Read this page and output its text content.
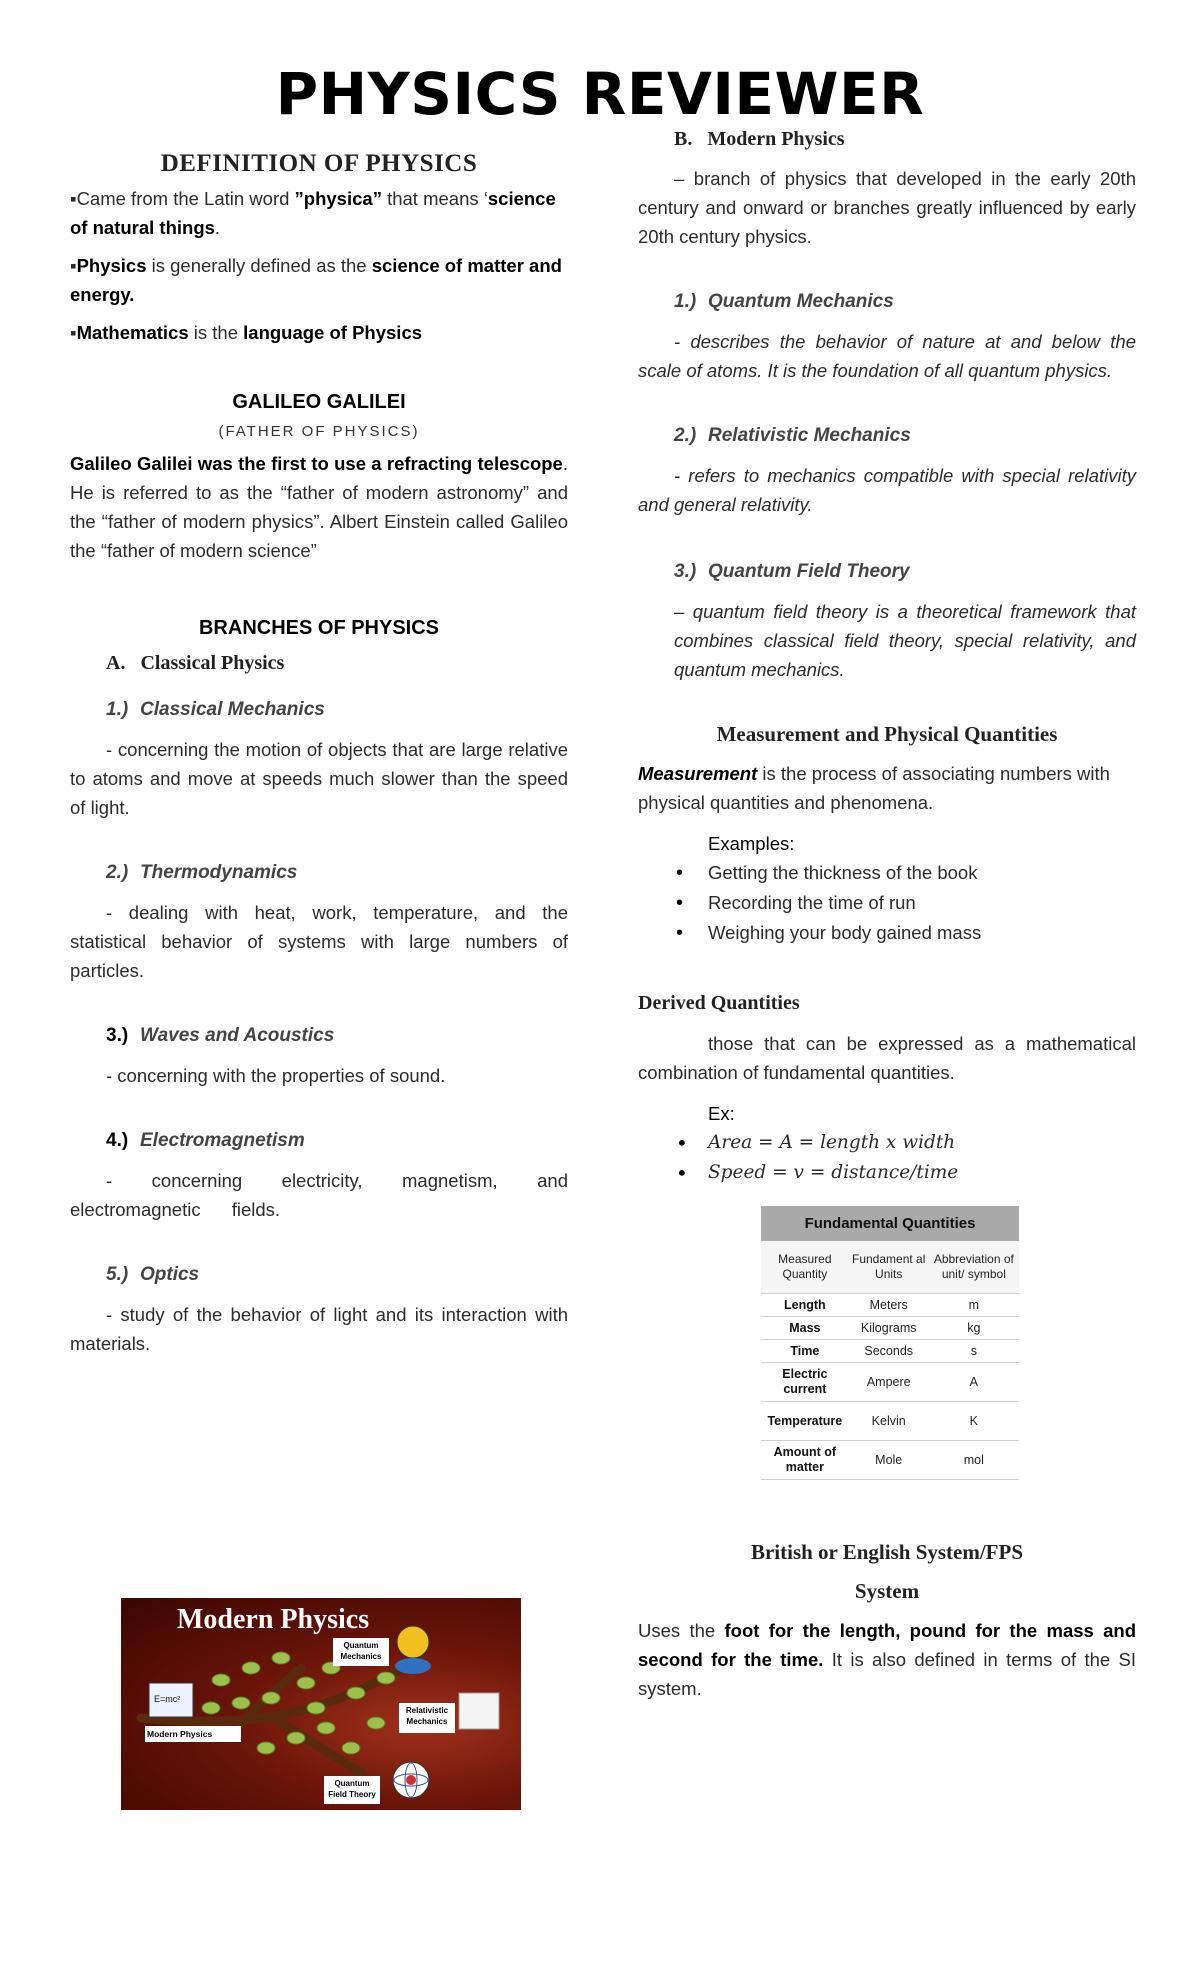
PHYSICS REVIEWER
DEFINITION OF PHYSICS

▪Came from the Latin word ”physica” that means ‘science of natural things.

▪Physics is generally defined as the science of matter and energy.

▪Mathematics is the language of Physics

GALILEO GALILEI
(FATHER OF PHYSICS)

Galileo Galilei was the first to use a refracting telescope. He is referred to as the “father of modern astronomy” and the “father of modern physics”. Albert Einstein called Galileo the “father of modern science”

BRANCHES OF PHYSICS
A.   Classical Physics
1.) Classical Mechanics

- concerning the motion of objects that are large relative to atoms and move at speeds much slower than the speed of light.

2.) Thermodynamics

- dealing with heat, work, temperature, and the statistical behavior of systems with large numbers of particles.

3.) Waves and Acoustics

- concerning with the properties of sound.

4.) Electromagnetism

- concerning electricity, magnetism, and electromagnetic fields.

5.) Optics

- study of the behavior of light and its interaction with materials.

Modern Physics
E=mc²
Modern Physics
Quantum Mechanics
Relativistic Mechanics
Quantum Field Theory
B.   Modern Physics

– branch of physics that developed in the early 20th century and onward or branches greatly influenced by early 20th century physics.

1.) Quantum Mechanics

- describes the behavior of nature at and below the scale of atoms. It is the foundation of all quantum physics.

2.) Relativistic Mechanics

- refers to mechanics compatible with special relativity and general relativity.

3.) Quantum Field Theory

– quantum field theory is a theoretical framework that combines classical field theory, special relativity, and quantum mechanics.

Measurement and Physical Quantities

Measurement is the process of associating numbers with physical quantities and phenomena.

Examples:
• Getting the thickness of the book
• Recording the time of run
• Weighing your body gained mass
Derived Quantities

those that can be expressed as a mathematical combination of fundamental quantities.

Ex:
• Area = A = length x width
• Speed = v = distance/time
Fundamental Quantities		
Measured Quantity	Fundament al Units	Abbreviation of unit/ symbol
Length	Meters	m
Mass	Kilograms	kg
Time	Seconds	s
Electric current	Ampere	A
Temperature	Kelvin	K
Amount of matter	Mole	mol
British or English System/FPS
System

Uses the foot for the length, pound for the mass and second for the time. It is also defined in terms of the SI system.
